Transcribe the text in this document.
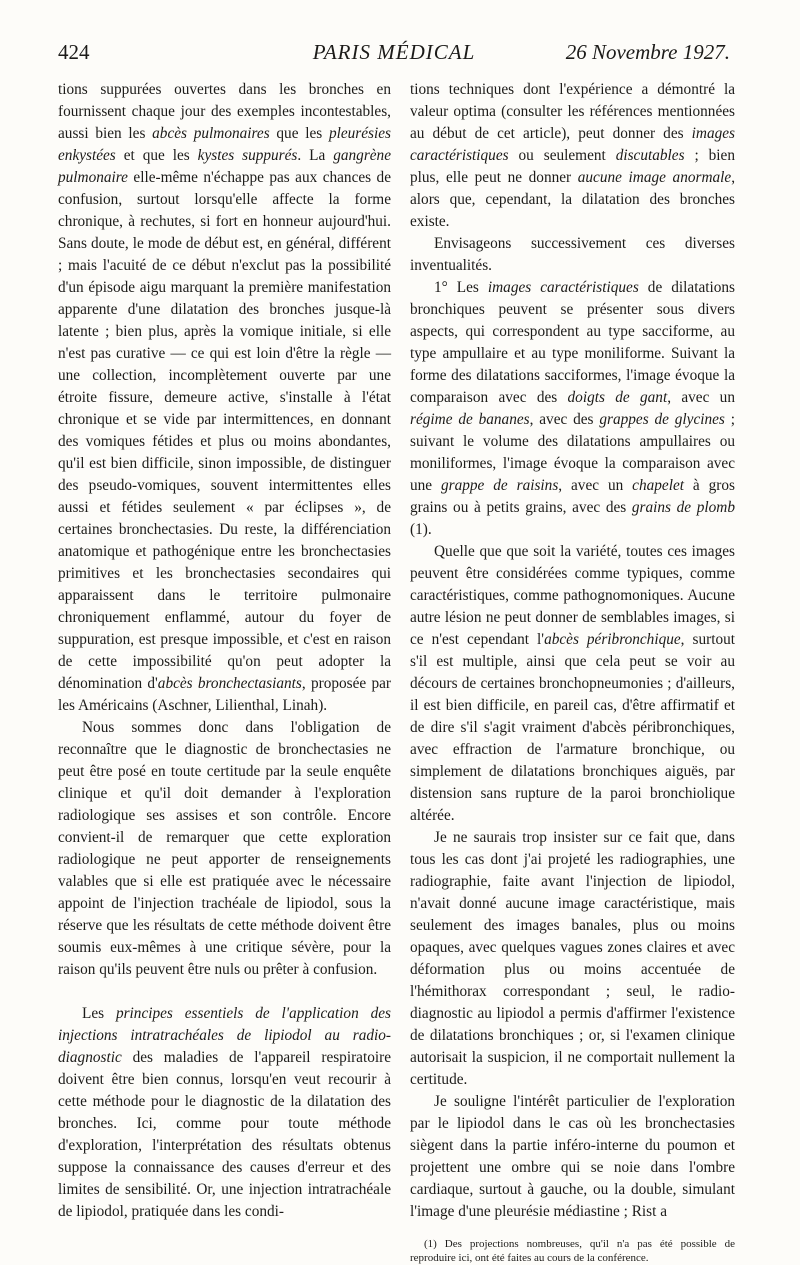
424	PARIS MÉDICAL	26 Novembre 1927.

tions suppurées ouvertes dans les bronches en fournissent chaque jour des exemples incontestables, aussi bien les abcès pulmonaires que les pleurésies enkystées et que les kystes suppurés. La gangrène pulmonaire elle-même n'échappe pas aux chances de confusion, surtout lorsqu'elle affecte la forme chronique, à rechutes, si fort en honneur aujourd'hui. Sans doute, le mode de début est, en général, différent ; mais l'acuité de ce début n'exclut pas la possibilité d'un épisode aigu marquant la première manifestation apparente d'une dilatation des bronches jusque-là latente ; bien plus, après la vomique initiale, si elle n'est pas curative — ce qui est loin d'être la règle — une collection, incomplètement ouverte par une étroite fissure, demeure active, s'installe à l'état chronique et se vide par intermittences, en donnant des vomiques fétides et plus ou moins abondantes, qu'il est bien difficile, sinon impossible, de distinguer des pseudo-vomiques, souvent intermittentes elles aussi et fétides seulement « par éclipses », de certaines bronchectasies. Du reste, la différenciation anatomique et pathogénique entre les bronchectasies primitives et les bronchectasies secondaires qui apparaissent dans le territoire pulmonaire chroniquement enflammé, autour du foyer de suppuration, est presque impossible, et c'est en raison de cette impossibilité qu'on peut adopter la dénomination d'abcès bronchectasiants, proposée par les Américains (Aschner, Lilienthal, Linah).

Nous sommes donc dans l'obligation de reconnaître que le diagnostic de bronchectasies ne peut être posé en toute certitude par la seule enquête clinique et qu'il doit demander à l'exploration radiologique ses assises et son contrôle. Encore convient-il de remarquer que cette exploration radiologique ne peut apporter de renseignements valables que si elle est pratiquée avec le nécessaire appoint de l'injection trachéale de lipiodol, sous la réserve que les résultats de cette méthode doivent être soumis eux-mêmes à une critique sévère, pour la raison qu'ils peuvent être nuls ou prêter à confusion.

Les principes essentiels de l'application des injections intratrachéales de lipiodol au radio-diagnostic des maladies de l'appareil respiratoire doivent être bien connus, lorsqu'en veut recourir à cette méthode pour le diagnostic de la dilatation des bronches. Ici, comme pour toute méthode d'exploration, l'interprétation des résultats obtenus suppose la connaissance des causes d'erreur et des limites de sensibilité. Or, une injection intratrachéale de lipiodol, pratiquée dans les condi-

tions techniques dont l'expérience a démontré la valeur optima (consulter les références mentionnées au début de cet article), peut donner des images caractéristiques ou seulement discutables ; bien plus, elle peut ne donner aucune image anormale, alors que, cependant, la dilatation des bronches existe.

Envisageons successivement ces diverses inventualités.

1° Les images caractéristiques de dilatations bronchiques peuvent se présenter sous divers aspects, qui correspondent au type sacciforme, au type ampullaire et au type moniliforme. Suivant la forme des dilatations sacciformes, l'image évoque la comparaison avec des doigts de gant, avec un régime de bananes, avec des grappes de glycines ; suivant le volume des dilatations ampullaires ou moniliformes, l'image évoque la comparaison avec une grappe de raisins, avec un chapelet à gros grains ou à petits grains, avec des grains de plomb (1).

Quelle que que soit la variété, toutes ces images peuvent être considérées comme typiques, comme caractéristiques, comme pathognomoniques. Aucune autre lésion ne peut donner de semblables images, si ce n'est cependant l'abcès péribronchique, surtout s'il est multiple, ainsi que cela peut se voir au décours de certaines bronchopneumonies ; d'ailleurs, il est bien difficile, en pareil cas, d'être affirmatif et de dire s'il s'agit vraiment d'abcès péribronchiques, avec effraction de l'armature bronchique, ou simplement de dilatations bronchiques aiguës, par distension sans rupture de la paroi bronchiolique altérée.

Je ne saurais trop insister sur ce fait que, dans tous les cas dont j'ai projeté les radiographies, une radiographie, faite avant l'injection de lipiodol, n'avait donné aucune image caractéristique, mais seulement des images banales, plus ou moins opaques, avec quelques vagues zones claires et avec déformation plus ou moins accentuée de l'hémithorax correspondant ; seul, le radio-diagnostic au lipiodol a permis d'affirmer l'existence de dilatations bronchiques ; or, si l'examen clinique autorisait la suspicion, il ne comportait nullement la certitude.

Je souligne l'intérêt particulier de l'exploration par le lipiodol dans le cas où les bronchectasies siègent dans la partie inféro-interne du poumon et projettent une ombre qui se noie dans l'ombre cardiaque, surtout à gauche, ou la double, simulant l'image d'une pleurésie médiastine ; Rist a

(1) Des projections nombreuses, qu'il n'a pas été possible de reproduire ici, ont été faites au cours de la conférence.
